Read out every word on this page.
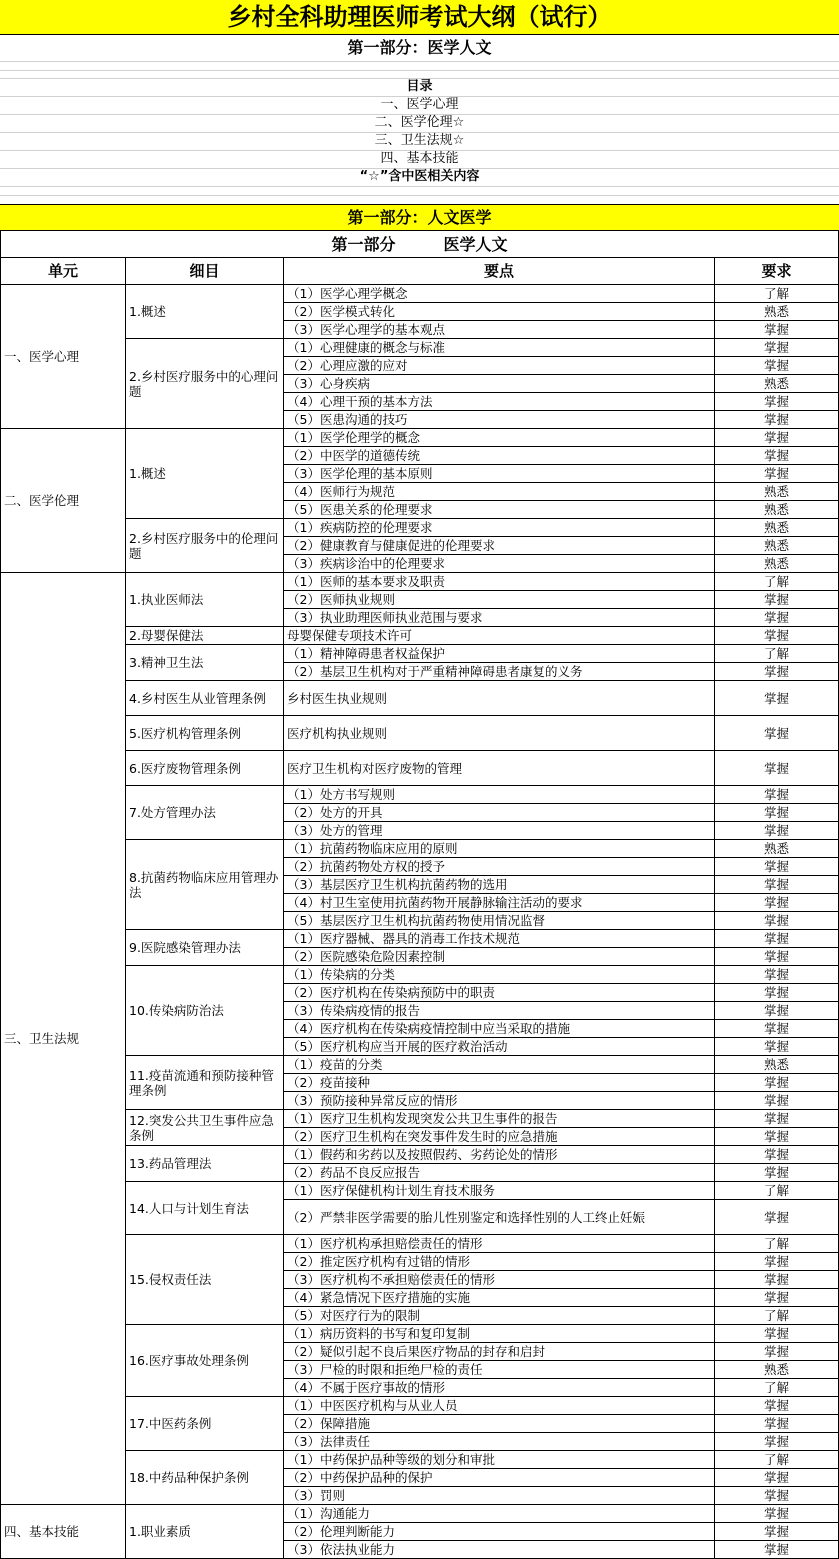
乡村全科助理医师考试大纲（试行）
第一部分：医学人文
目录
一、医学心理
二、医学伦理☆
三、卫生法规☆
四、基本技能
“☆”含中医相关内容
第一部分：人文医学
第一部分　　　医学人文			
单元	细目	要点	要求
一、医学心理	1.概述	（1）医学心理学概念	了解
		（2）医学模式转化	熟悉
		（3）医学心理学的基本观点	掌握
	2.乡村医疗服务中的心理问题	（1）心理健康的概念与标准	掌握
		（2）心理应激的应对	掌握
		（3）心身疾病	熟悉
		（4）心理干预的基本方法	掌握
		（5）医患沟通的技巧	掌握
二、医学伦理	1.概述	（1）医学伦理学的概念	掌握
		（2）中医学的道德传统	掌握
		（3）医学伦理的基本原则	掌握
		（4）医师行为规范	熟悉
		（5）医患关系的伦理要求	熟悉
	2.乡村医疗服务中的伦理问题	（1）疾病防控的伦理要求	熟悉
		（2）健康教育与健康促进的伦理要求	熟悉
		（3）疾病诊治中的伦理要求	熟悉
三、卫生法规	1.执业医师法	（1）医师的基本要求及职责	了解
		（2）医师执业规则	掌握
		（3）执业助理医师执业范围与要求	掌握
	2.母婴保健法	母婴保健专项技术许可	掌握
	3.精神卫生法	（1）精神障碍患者权益保护	了解
		（2）基层卫生机构对于严重精神障碍患者康复的义务	掌握
	4.乡村医生从业管理条例	乡村医生执业规则	掌握
	5.医疗机构管理条例	医疗机构执业规则	掌握
	6.医疗废物管理条例	医疗卫生机构对医疗废物的管理	掌握
	7.处方管理办法	（1）处方书写规则	掌握
		（2）处方的开具	掌握
		（3）处方的管理	掌握
	8.抗菌药物临床应用管理办法	（1）抗菌药物临床应用的原则	熟悉
		（2）抗菌药物处方权的授予	掌握
		（3）基层医疗卫生机构抗菌药物的选用	掌握
		（4）村卫生室使用抗菌药物开展静脉输注活动的要求	掌握
		（5）基层医疗卫生机构抗菌药物使用情况监督	掌握
	9.医院感染管理办法	（1）医疗器械、器具的消毒工作技术规范	掌握
		（2）医院感染危险因素控制	掌握
	10.传染病防治法	（1）传染病的分类	掌握
		（2）医疗机构在传染病预防中的职责	掌握
		（3）传染病疫情的报告	掌握
		（4）医疗机构在传染病疫情控制中应当采取的措施	掌握
		（5）医疗机构应当开展的医疗救治活动	掌握
	11.疫苗流通和预防接种管理条例	（1）疫苗的分类	熟悉
		（2）疫苗接种	掌握
		（3）预防接种异常反应的情形	掌握
	12.突发公共卫生事件应急条例	（1）医疗卫生机构发现突发公共卫生事件的报告	掌握
		（2）医疗卫生机构在突发事件发生时的应急措施	掌握
	13.药品管理法	（1）假药和劣药以及按照假药、劣药论处的情形	掌握
		（2）药品不良反应报告	掌握
	14.人口与计划生育法	（1）医疗保健机构计划生育技术服务	了解
		（2）严禁非医学需要的胎儿性别鉴定和选择性别的人工终止妊娠	掌握
	15.侵权责任法	（1）医疗机构承担赔偿责任的情形	了解
		（2）推定医疗机构有过错的情形	掌握
		（3）医疗机构不承担赔偿责任的情形	掌握
		（4）紧急情况下医疗措施的实施	掌握
		（5）对医疗行为的限制	了解
	16.医疗事故处理条例	（1）病历资料的书写和复印复制	掌握
		（2）疑似引起不良后果医疗物品的封存和启封	掌握
		（3）尸检的时限和拒绝尸检的责任	熟悉
		（4）不属于医疗事故的情形	了解
	17.中医药条例	（1）中医医疗机构与从业人员	掌握
		（2）保障措施	掌握
		（3）法律责任	掌握
	18.中药品种保护条例	（1）中药保护品种等级的划分和审批	了解
		（2）中药保护品种的保护	掌握
		（3）罚则	掌握
四、基本技能	1.职业素质	（1）沟通能力	掌握
		（2）伦理判断能力	掌握
		（3）依法执业能力	掌握
